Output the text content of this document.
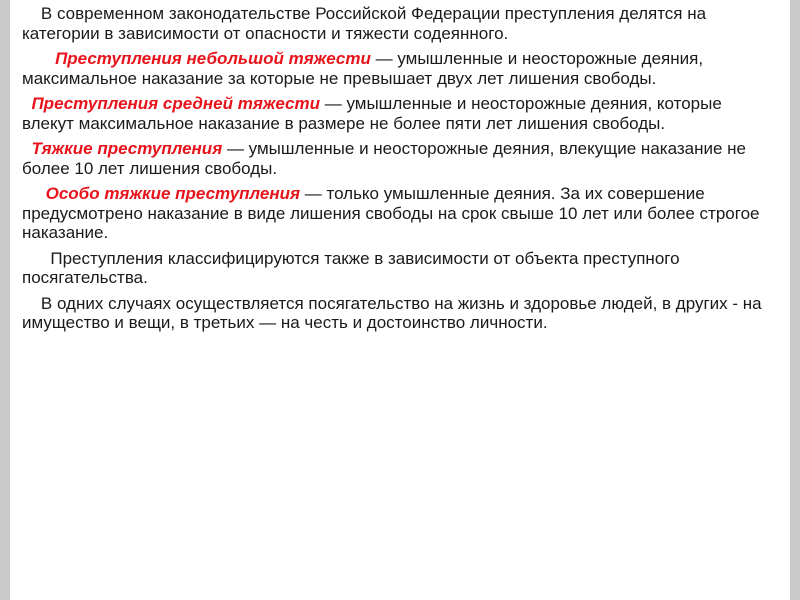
В современном законодательстве Российской Федерации преступления делятся на категории в зависимости от опасности и тяжести содеянного.

Преступления небольшой тяжести — умышленные и неосторожные деяния, максимальное наказание за которые не превышает двух лет лишения свободы.

Преступления средней тяжести — умышленные и неосторожные деяния, которые влекут максимальное наказание в размере не более пяти лет лишения свободы.

Тяжкие преступления — умышленные и неосторожные деяния, влекущие наказание не более 10 лет лишения свободы.

Особо тяжкие преступления — только умышленные деяния. За их совершение предусмотрено наказание в виде лишения свободы на срок свыше 10 лет или более строгое наказание.

Преступления классифицируются также в зависимости от объекта преступного посягательства.

В одних случаях осуществляется посягательство на жизнь и здоровье людей, в других - на имущество и вещи, в третьих — на честь и достоинство личности.
